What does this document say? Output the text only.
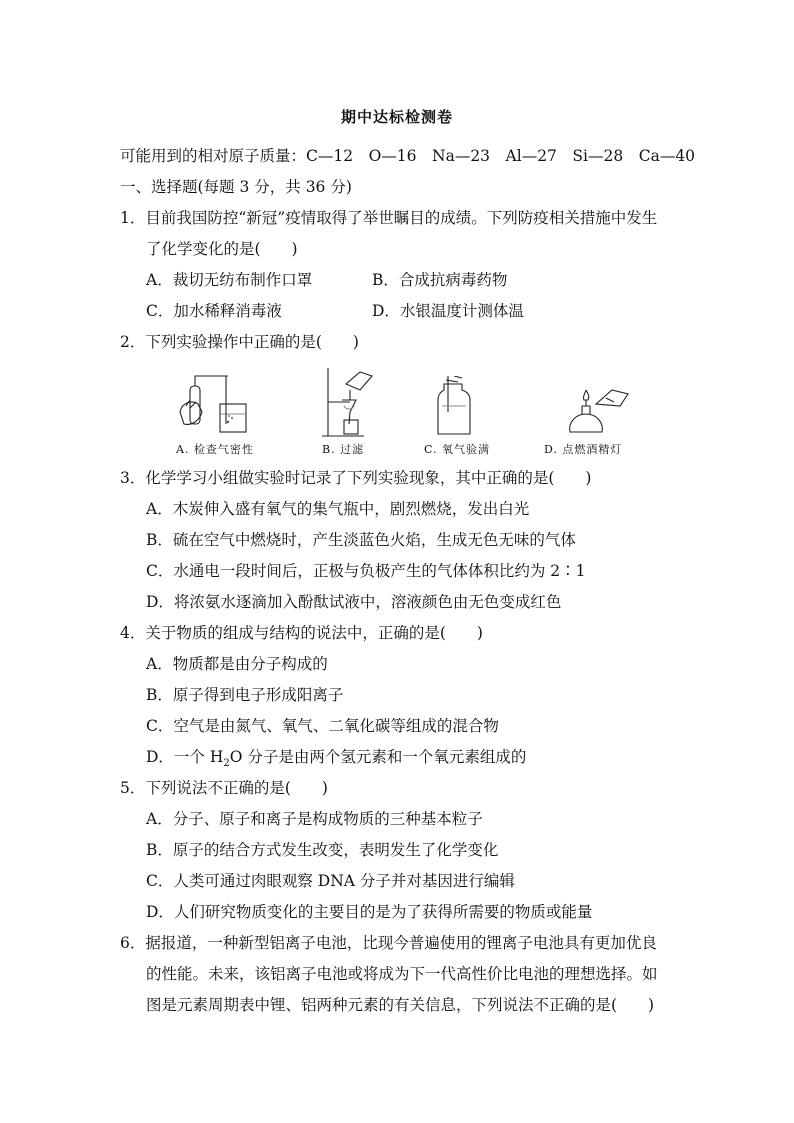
期中达标检测卷
可能用到的相对原子质量：C—12　O—16　Na—23　Al—27　Si—28　Ca—40
一、选择题(每题 3 分，共 36 分)
1．目前我国防控“新冠”疫情取得了举世瞩目的成绩。下列防疫相关措施中发生
了化学变化的是(　　)
A．裁切无纺布制作口罩	B．合成抗病毒药物
C．加水稀释消毒液	D．水银温度计测体温
2．下列实验操作中正确的是(　　)
A. 检查气密性	B. 过滤	C. 氧气验满	D. 点燃酒精灯
3．化学学习小组做实验时记录了下列实验现象，其中正确的是(　　)
A．木炭伸入盛有氧气的集气瓶中，剧烈燃烧，发出白光
B．硫在空气中燃烧时，产生淡蓝色火焰，生成无色无味的气体
C．水通电一段时间后，正极与负极产生的气体体积比约为 2∶1
D．将浓氨水逐滴加入酚酞试液中，溶液颜色由无色变成红色
4．关于物质的组成与结构的说法中，正确的是(　　)
A．物质都是由分子构成的
B．原子得到电子形成阳离子
C．空气是由氮气、氧气、二氧化碳等组成的混合物
D．一个 $H_2O$ 分子是由两个氢元素和一个氧元素组成的
5．下列说法不正确的是(　　)
A．分子、原子和离子是构成物质的三种基本粒子
B．原子的结合方式发生改变，表明发生了化学变化
C．人类可通过肉眼观察 DNA 分子并对基因进行编辑
D．人们研究物质变化的主要目的是为了获得所需要的物质或能量
6．据报道，一种新型铝离子电池，比现今普遍使用的锂离子电池具有更加优良
的性能。未来，该铝离子电池或将成为下一代高性价比电池的理想选择。如
图是元素周期表中锂、铝两种元素的有关信息，下列说法不正确的是(　　)
